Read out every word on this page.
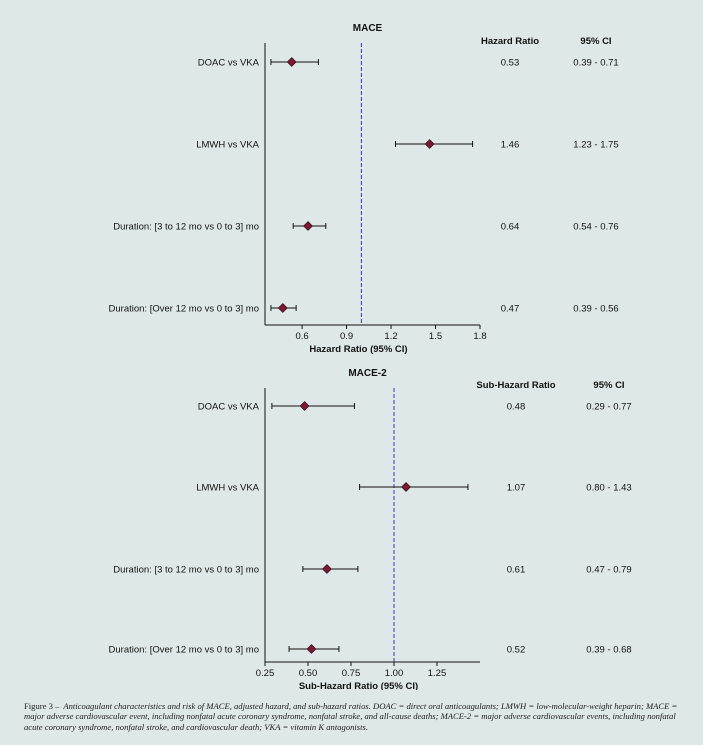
MACE
Hazard Ratio	95% CI
0.6	0.9	1.2	1.5	1.8
Hazard Ratio (95% CI)
DOAC vs VKA	0.53	0.39 - 0.71
LMWH vs VKA	1.46	1.23 - 1.75
Duration: [3 to 12 mo vs 0 to 3] mo	0.64	0.54 - 0.76
Duration: [Over 12 mo vs 0 to 3] mo	0.47	0.39 - 0.56
MACE-2
Sub-Hazard Ratio	95% CI
0.25	0.50	0.75	1.00	1.25
Sub-Hazard Ratio (95% CI)
DOAC vs VKA	0.48	0.29 - 0.77
LMWH vs VKA	1.07	0.80 - 1.43
Duration: [3 to 12 mo vs 0 to 3] mo	0.61	0.47 - 0.79
Duration: [Over 12 mo vs 0 to 3] mo	0.52	0.39 - 0.68
Figure 3 – Anticoagulant characteristics and risk of MACE, adjusted hazard, and sub-hazard ratios. DOAC = direct oral anticoagulants; LMWH = low-molecular-weight heparin; MACE = major adverse cardiovascular event, including nonfatal acute coronary syndrome, nonfatal stroke, and all-cause deaths; MACE-2 = major adverse cardiovascular events, including nonfatal acute coronary syndrome, nonfatal stroke, and cardiovascular death; VKA = vitamin K antagonists.
